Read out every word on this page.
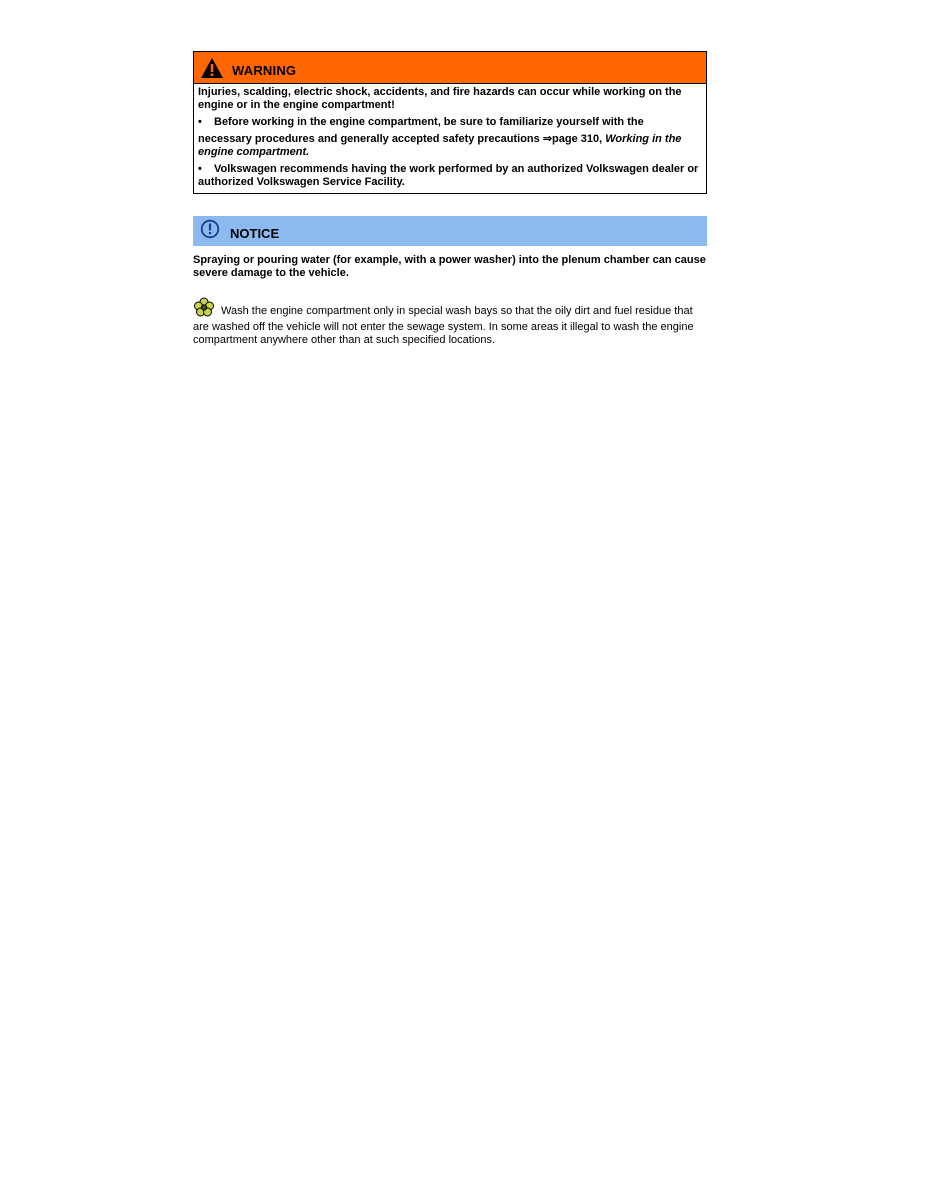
WARNING

Injuries, scalding, electric shock, accidents, and fire hazards can occur while working on the engine or in the engine compartment!

• Before working in the engine compartment, be sure to familiarize yourself with the

necessary procedures and generally accepted safety precautions ⇒page 310, Working in the engine compartment.

• Volkswagen recommends having the work performed by an authorized Volkswagen dealer or authorized Volkswagen Service Facility.

NOTICE

Spraying or pouring water (for example, with a power washer) into the plenum chamber can cause severe damage to the vehicle.

Wash the engine compartment only in special wash bays so that the oily dirt and fuel residue that are washed off the vehicle will not enter the sewage system. In some areas it illegal to wash the engine compartment anywhere other than at such specified locations.
